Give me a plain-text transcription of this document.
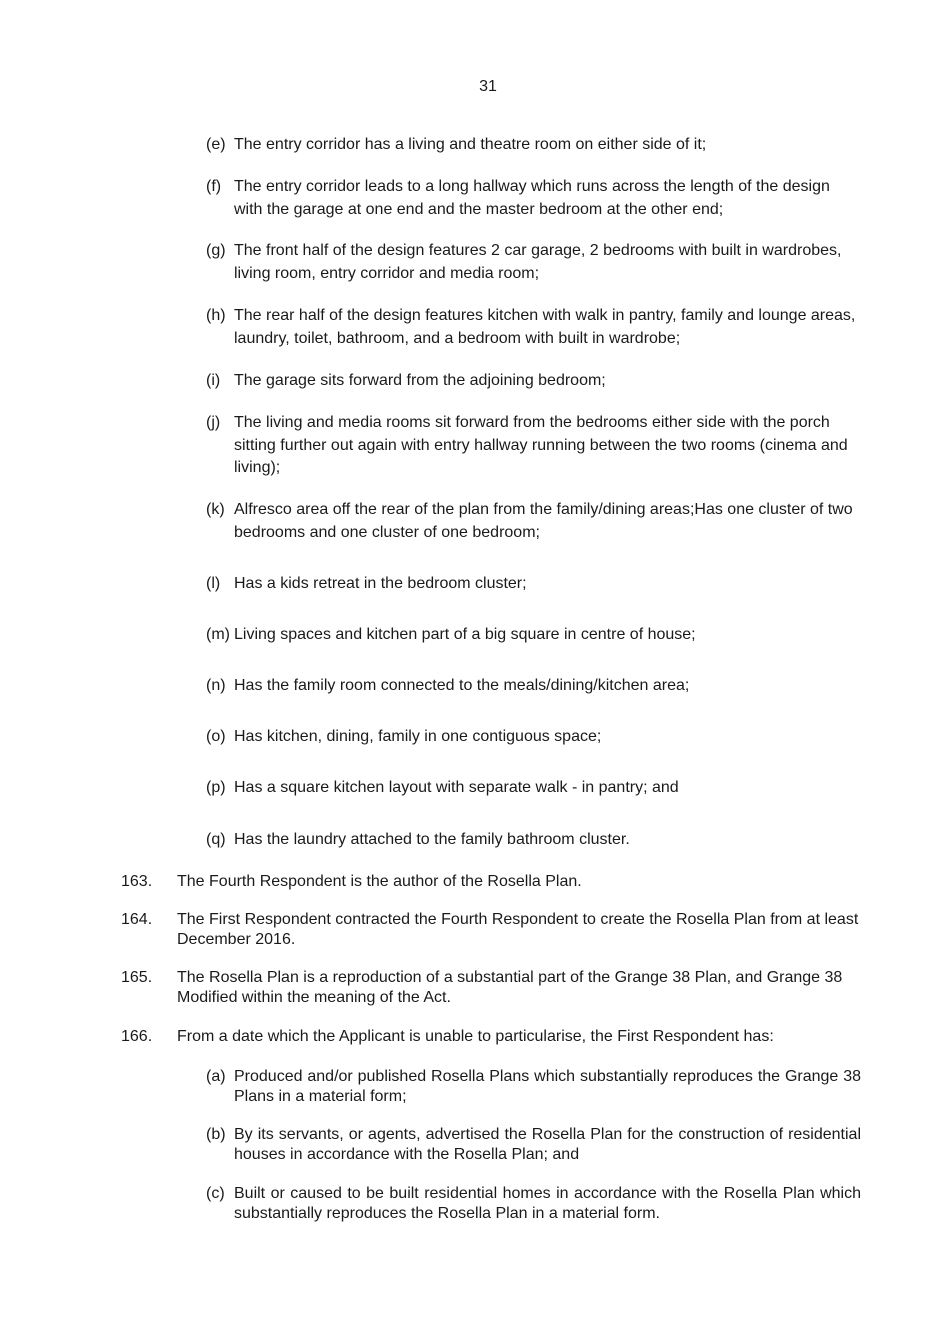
31
(e) The entry corridor has a living and theatre room on either side of it;
(f) The entry corridor leads to a long hallway which runs across the length of the design with the garage at one end and the master bedroom at the other end;
(g) The front half of the design features 2 car garage, 2 bedrooms with built in wardrobes, living room, entry corridor and media room;
(h) The rear half of the design features kitchen with walk in pantry, family and lounge areas, laundry, toilet, bathroom, and a bedroom with built in wardrobe;
(i) The garage sits forward from the adjoining bedroom;
(j) The living and media rooms sit forward from the bedrooms either side with the porch sitting further out again with entry hallway running between the two rooms (cinema and living);
(k) Alfresco area off the rear of the plan from the family/dining areas;Has one cluster of two bedrooms and one cluster of one bedroom;
(l) Has a kids retreat in the bedroom cluster;
(m) Living spaces and kitchen part of a big square in centre of house;
(n) Has the family room connected to the meals/dining/kitchen area;
(o) Has kitchen, dining, family in one contiguous space;
(p) Has a square kitchen layout with separate walk - in pantry; and
(q) Has the laundry attached to the family bathroom cluster.
163. The Fourth Respondent is the author of the Rosella Plan.
164. The First Respondent contracted the Fourth Respondent to create the Rosella Plan from at least December 2016.
165. The Rosella Plan is a reproduction of a substantial part of the Grange 38 Plan, and Grange 38 Modified within the meaning of the Act.
166. From a date which the Applicant is unable to particularise, the First Respondent has:
(a) Produced and/or published Rosella Plans which substantially reproduces the Grange 38 Plans in a material form;
(b) By its servants, or agents, advertised the Rosella Plan for the construction of residential houses in accordance with the Rosella Plan; and
(c) Built or caused to be built residential homes in accordance with the Rosella Plan which substantially reproduces the Rosella Plan in a material form.
